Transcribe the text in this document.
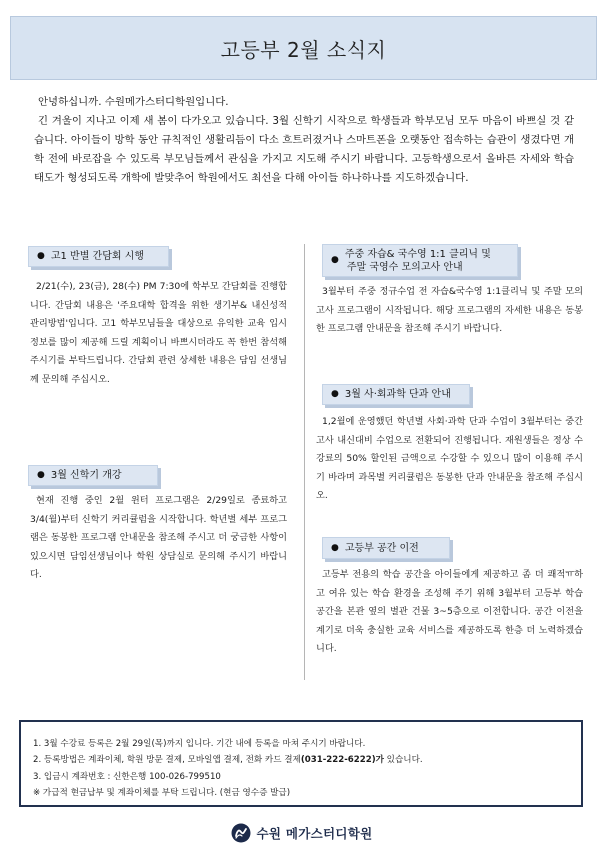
고등부 2월 소식지

안녕하십니까. 수원메가스터디학원입니다.

긴 겨울이 지나고 이제 새 봄이 다가오고 있습니다. 3월 신학기 시작으로 학생들과 학부모님 모두 마음이 바쁘실 것 같습니다. 아이들이 방학 동안 규칙적인 생활리듬이 다소 흐트러졌거나 스마트폰을 오랫동안 접속하는 습관이 생겼다면 개학 전에 바로잡을 수 있도록 부모님들께서 관심을 가지고 지도해 주시기 바랍니다. 고등학생으로서 올바른 자세와 학습태도가 형성되도록 개학에 발맞추어 학원에서도 최선을 다해 아이들 하나하나를 지도하겠습니다.

● 고1 반별 간담회 시행
2/21(수), 23(금), 28(수) PM 7:30에 학부모 간담회를 진행합니다. 간담회 내용은 '주요대학 합격을 위한 생기부& 내신성적 관리방법'입니다. 고1 학부모님들을 대상으로 유익한 교육 입시 정보를 많이 제공해 드릴 계획이니 바쁘시더라도 꼭 한번 참석해 주시기를 부탁드립니다. 간담회 관련 상세한 내용은 담임 선생님께 문의해 주십시오.
● 3월 신학기 개강
현재 진행 중인 2월 윈터 프로그램은 2/29일로 종료하고 3/4(월)부터 신학기 커리큘럼을 시작합니다. 학년별 세부 프로그램은 동봉한 프로그램 안내문을 참조해 주시고 더 궁금한 사항이 있으시면 담임선생님이나 학원 상담실로 문의해 주시기 바랍니다.
●
주중 자습& 국수영 1:1 클리닉 및
주말 국영수 모의고사 안내
3월부터 주중 정규수업 전 자습&국수영 1:1클리닉 및 주말 모의고사 프로그램이 시작됩니다. 해당 프로그램의 자세한 내용은 동봉한 프로그램 안내문을 참조해 주시기 바랍니다.
● 3월 사·회과학 단과 안내
1,2월에 운영했던 학년별 사회·과학 단과 수업이 3월부터는 중간고사 내신대비 수업으로 전환되어 진행됩니다. 재원생들은 정상 수강료의 50% 할인된 금액으로 수강할 수 있으니 많이 이용해 주시기 바라며 과목별 커리큘럼은 동봉한 단과 안내문을 참조해 주십시오.
● 고등부 공간 이전
고등부 전용의 학습 공간을 아이들에게 제공하고 좀 더 쾌적ㅠ하고 여유 있는 학습 환경을 조성해 주기 위해 3월부터 고등부 학습 공간을 본관 옆의 별관 건물 3~5층으로 이전합니다. 공간 이전을 계기로 더욱 충실한 교육 서비스를 제공하도록 한층 더 노력하겠습니다.
1. 3월 수강료 등록은 2월 29일(목)까지 입니다. 기간 내에 등록을 마쳐 주시기 바랍니다.
2. 등록방법은 계좌이체, 학원 방문 결제, 모바일앱 결제, 전화 카드 결제(031-222-6222)가 있습니다.
3. 입금시 계좌번호 : 신한은행 100-026-799510
※ 가급적 현금납부 및 계좌이체를 부탁 드립니다. (현금 영수증 발급)
수원 메가스터디학원
